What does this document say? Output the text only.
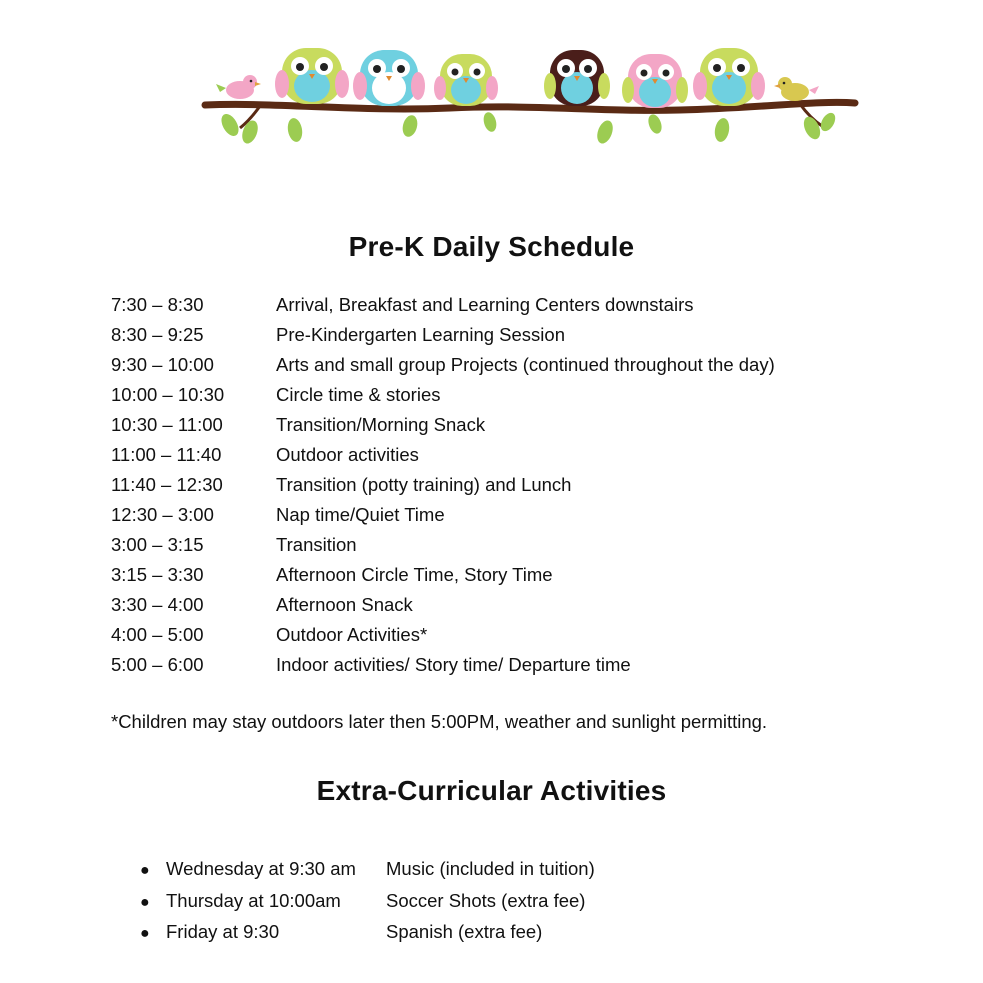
Pre-K Daily Schedule
7:30 – 8:30	Arrival, Breakfast and Learning Centers downstairs
8:30 – 9:25	Pre-Kindergarten Learning Session
9:30 – 10:00	Arts and small group Projects (continued throughout the day)
10:00 – 10:30	Circle time & stories
10:30 – 11:00	Transition/Morning Snack
11:00 – 11:40	Outdoor activities
11:40 – 12:30	Transition (potty training) and Lunch
12:30 – 3:00	Nap time/Quiet Time
3:00 – 3:15	Transition
3:15 – 3:30	Afternoon Circle Time, Story Time
3:30 – 4:00	Afternoon Snack
4:00 – 5:00	Outdoor Activities*
5:00 – 6:00	Indoor activities/ Story time/ Departure time
*Children may stay outdoors later then 5:00PM, weather and sunlight permitting.
Extra-Curricular Activities
● Wednesday at 9:30 am Music (included in tuition)
● Thursday at 10:00am Soccer Shots (extra fee)
● Friday at 9:30	Spanish (extra fee)
